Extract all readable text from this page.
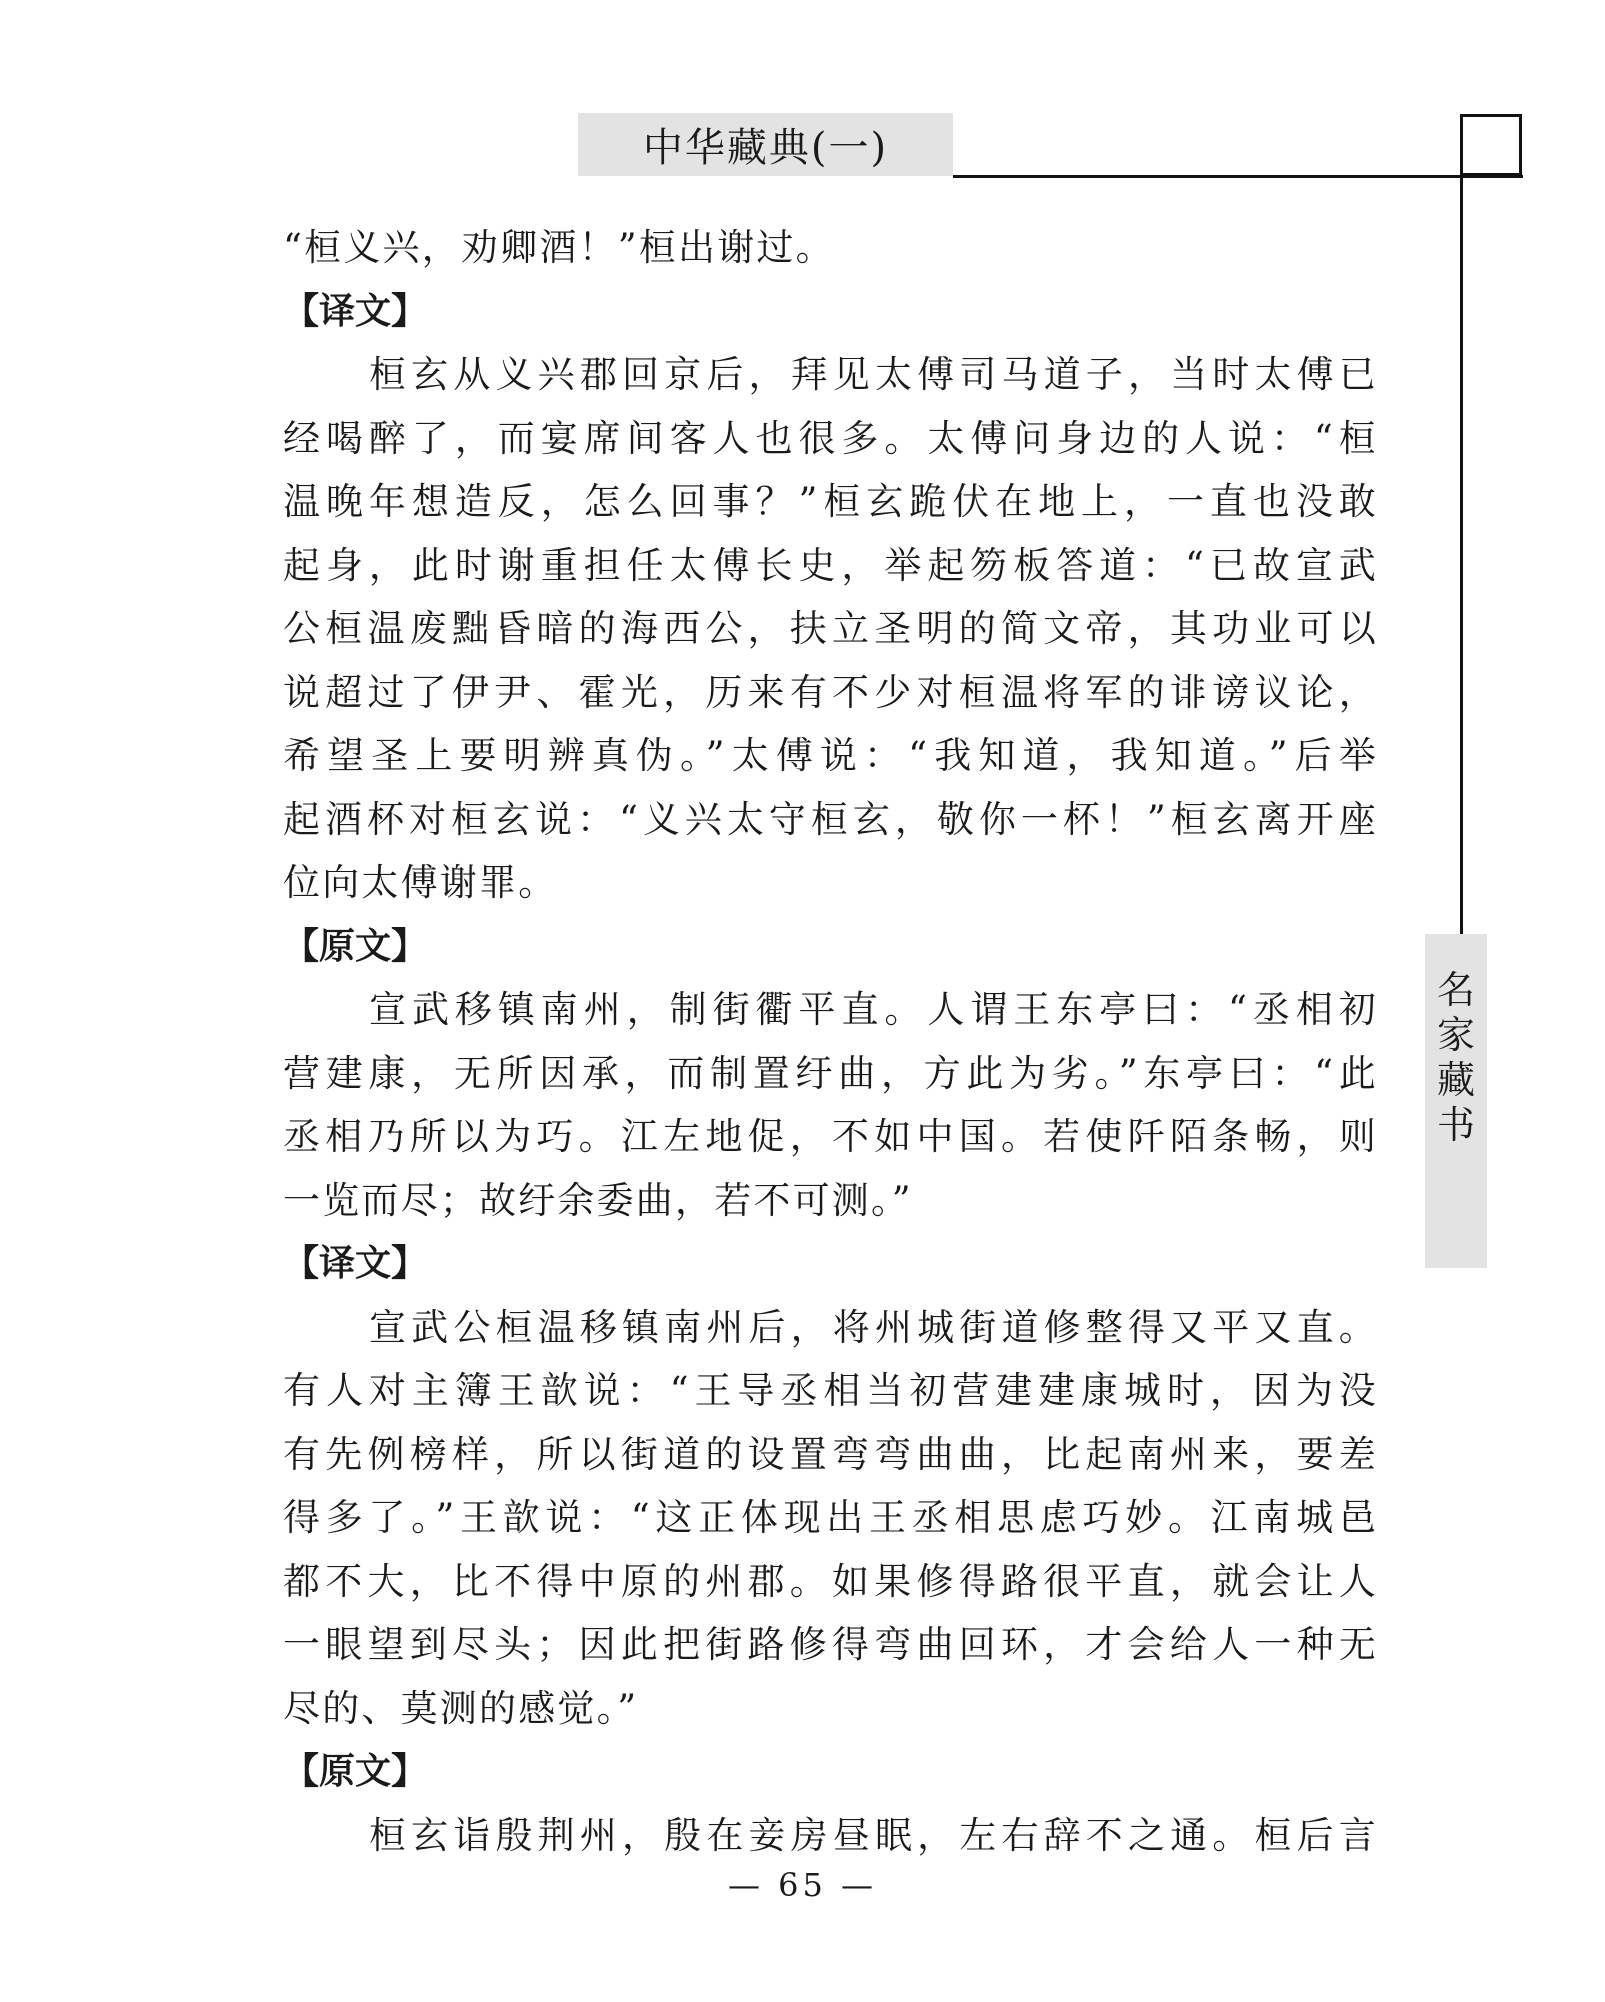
中华藏典(一)
名
家
藏
书
“桓义兴，劝卿酒！”桓出谢过。
【译文】
桓玄从义兴郡回京后，拜见太傅司马道子，当时太傅已
经喝醉了，而宴席间客人也很多。太傅问身边的人说：“桓
温晚年想造反，怎么回事？”桓玄跪伏在地上，一直也没敢
起身，此时谢重担任太傅长史，举起笏板答道：“已故宣武
公桓温废黜昏暗的海西公，扶立圣明的简文帝，其功业可以
说超过了伊尹、霍光，历来有不少对桓温将军的诽谤议论，
希望圣上要明辨真伪。”太傅说：“我知道，我知道。”后举
起酒杯对桓玄说：“义兴太守桓玄，敬你一杯！”桓玄离开座
位向太傅谢罪。
【原文】
宣武移镇南州，制街衢平直。人谓王东亭曰：“丞相初
营建康，无所因承，而制置纡曲，方此为劣。”东亭曰：“此
丞相乃所以为巧。江左地促，不如中国。若使阡陌条畅，则
一览而尽；故纡余委曲，若不可测。”
【译文】
宣武公桓温移镇南州后，将州城街道修整得又平又直。
有人对主簿王歆说：“王导丞相当初营建建康城时，因为没
有先例榜样，所以街道的设置弯弯曲曲，比起南州来，要差
得多了。”王歆说：“这正体现出王丞相思虑巧妙。江南城邑
都不大，比不得中原的州郡。如果修得路很平直，就会让人
一眼望到尽头；因此把街路修得弯曲回环，才会给人一种无
尽的、莫测的感觉。”
【原文】
桓玄诣殷荆州，殷在妾房昼眠，左右辞不之通。桓后言
— 65 —
